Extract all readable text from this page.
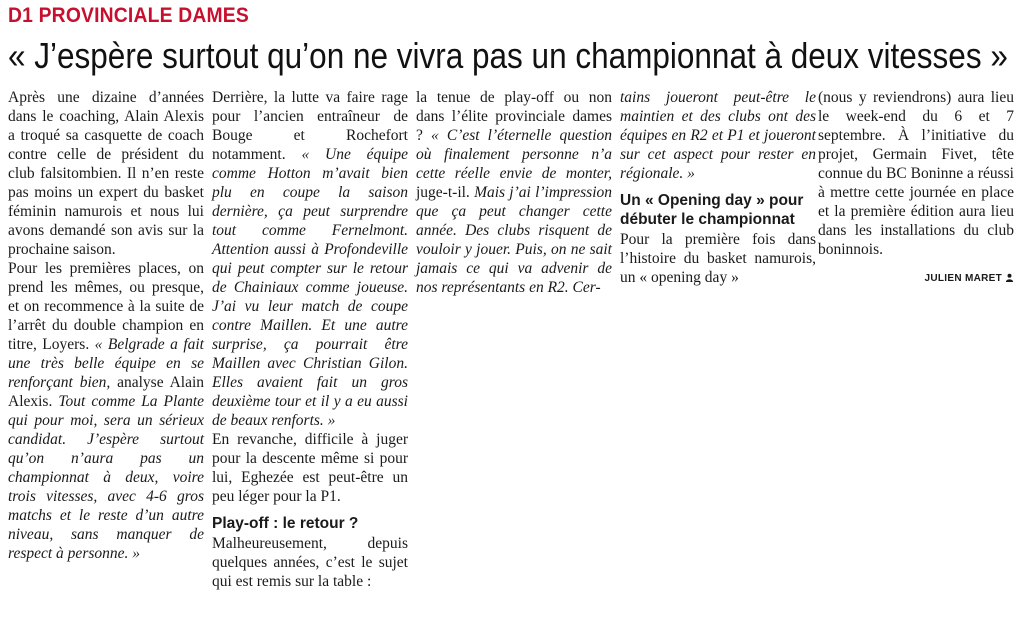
D1 PROVINCIALE DAMES
« J’espère surtout qu’on ne vivra pas un championnat à deux vitesses »

Après une dizaine d’années dans le coaching, Alain Alexis a troqué sa casquette de coach contre celle de président du club falsitombien. Il n’en reste pas moins un expert du basket féminin namurois et nous lui avons demandé son avis sur la prochaine saison.

Pour les premières places, on prend les mêmes, ou presque, et on recommence à la suite de l’arrêt du double champion en titre, Loyers. « Belgrade a fait une très belle équipe en se renforçant bien, analyse Alain Alexis. Tout comme La Plante qui pour moi, sera un sérieux candidat. J’espère surtout qu’on n’aura pas un championnat à deux, voire trois vitesses, avec 4-6 gros matchs et le reste d’un autre niveau, sans manquer de respect à personne. »

Derrière, la lutte va faire rage pour l’ancien entraîneur de Bouge et Rochefort notamment. « Une équipe comme Hotton m’avait bien plu en coupe la saison dernière, ça peut surprendre tout comme Fernelmont. Attention aussi à Profondeville qui peut compter sur le retour de Chainiaux comme joueuse. J’ai vu leur match de coupe contre Maillen. Et une autre surprise, ça pourrait être Maillen avec Christian Gilon. Elles avaient fait un gros deuxième tour et il y a eu aussi de beaux renforts. »

En revanche, difficile à juger pour la descente même si pour lui, Eghezée est peut-être un peu léger pour la P1.

Play-off : le retour ?

Malheureusement, depuis quelques années, c’est le sujet qui est remis sur la table :

la tenue de play-off ou non dans l’élite provinciale dames ? « C’est l’éternelle question où finalement personne n’a cette réelle envie de monter, juge-t-il. Mais j’ai l’impression que ça peut changer cette année. Des clubs risquent de vouloir y jouer. Puis, on ne sait jamais ce qui va advenir de nos représentants en R2. Cer-

tains joueront peut-être le maintien et des clubs ont des équipes en R2 et P1 et joueront sur cet aspect pour rester en régionale. »

Un « Opening day » pour débuter le championnat

Pour la première fois dans l’histoire du basket namurois, un « opening day »

(nous y reviendrons) aura lieu le week-end du 6 et 7 septembre. À l’initiative du projet, Germain Fivet, tête connue du BC Boninne a réussi à mettre cette journée en place et la première édition aura lieu dans les installations du club boninnois.

JULIEN MARET
